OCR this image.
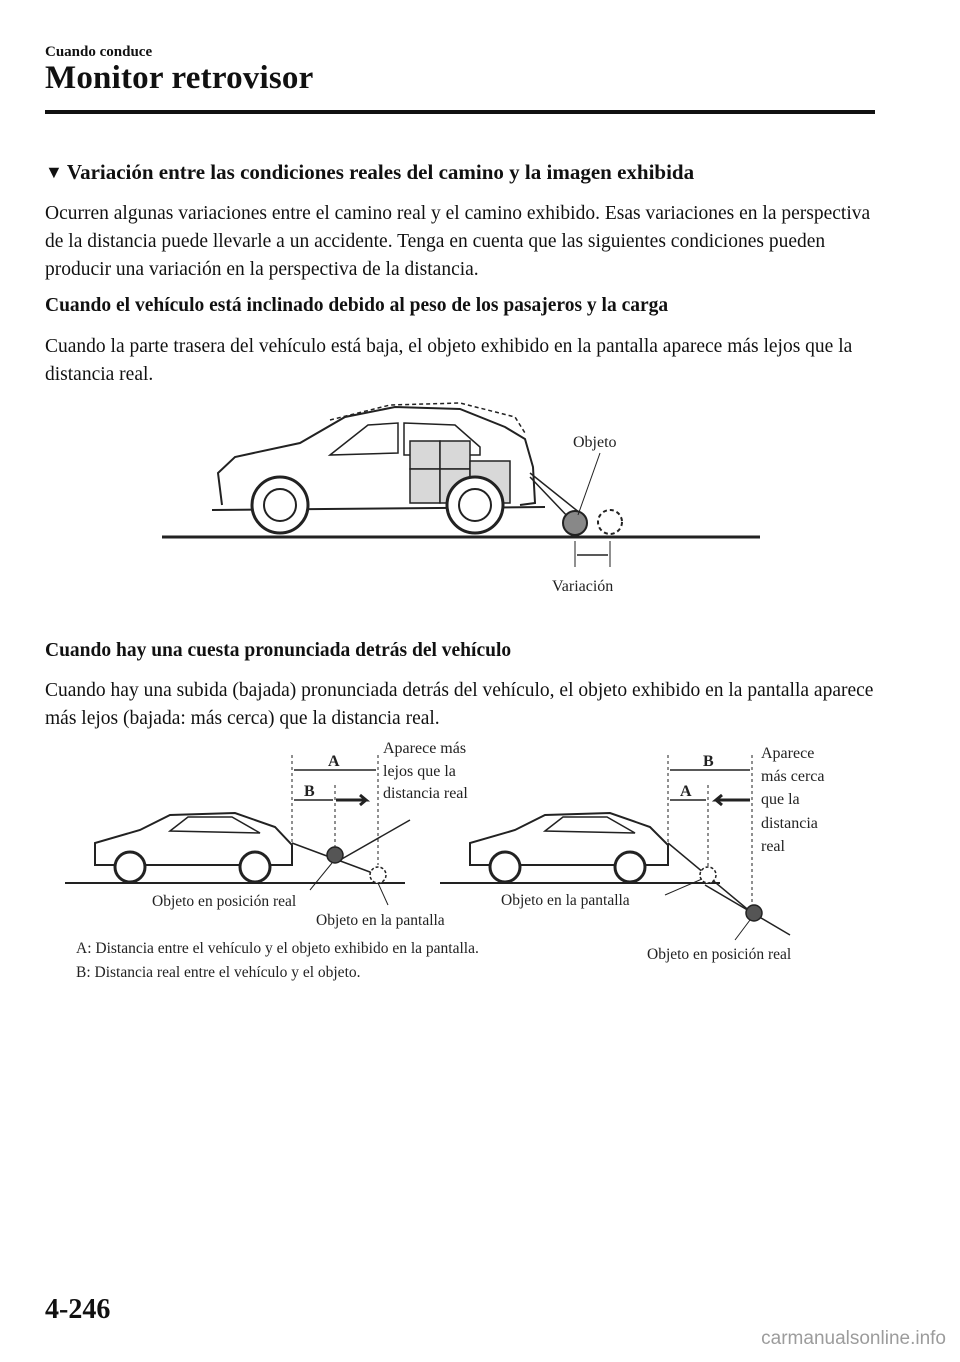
Cuando conduce
Monitor retrovisor
▼ Variación entre las condiciones reales del camino y la imagen exhibida
Ocurren algunas variaciones entre el camino real y el camino exhibido. Esas variaciones en la perspectiva de la distancia puede llevarle a un accidente. Tenga en cuenta que las siguientes condiciones pueden producir una variación en la perspectiva de la distancia.
Cuando el vehículo está inclinado debido al peso de los pasajeros y la carga
Cuando la parte trasera del vehículo está baja, el objeto exhibido en la pantalla aparece más lejos que la distancia real.
Objeto
Variación
Cuando hay una cuesta pronunciada detrás del vehículo
Cuando hay una subida (bajada) pronunciada detrás del vehículo, el objeto exhibido en la pantalla aparece más lejos (bajada: más cerca) que la distancia real.
A
B
Aparece más
lejos que la
distancia real
Objeto en posición real
Objeto en la pantalla
B
A
Aparece
más cerca
que la
distancia
real
Objeto en la pantalla
Objeto en posición real
A: Distancia entre el vehículo y el objeto exhibido en la pantalla.
B: Distancia real entre el vehículo y el objeto.
4-246
carmanualsonline.info
